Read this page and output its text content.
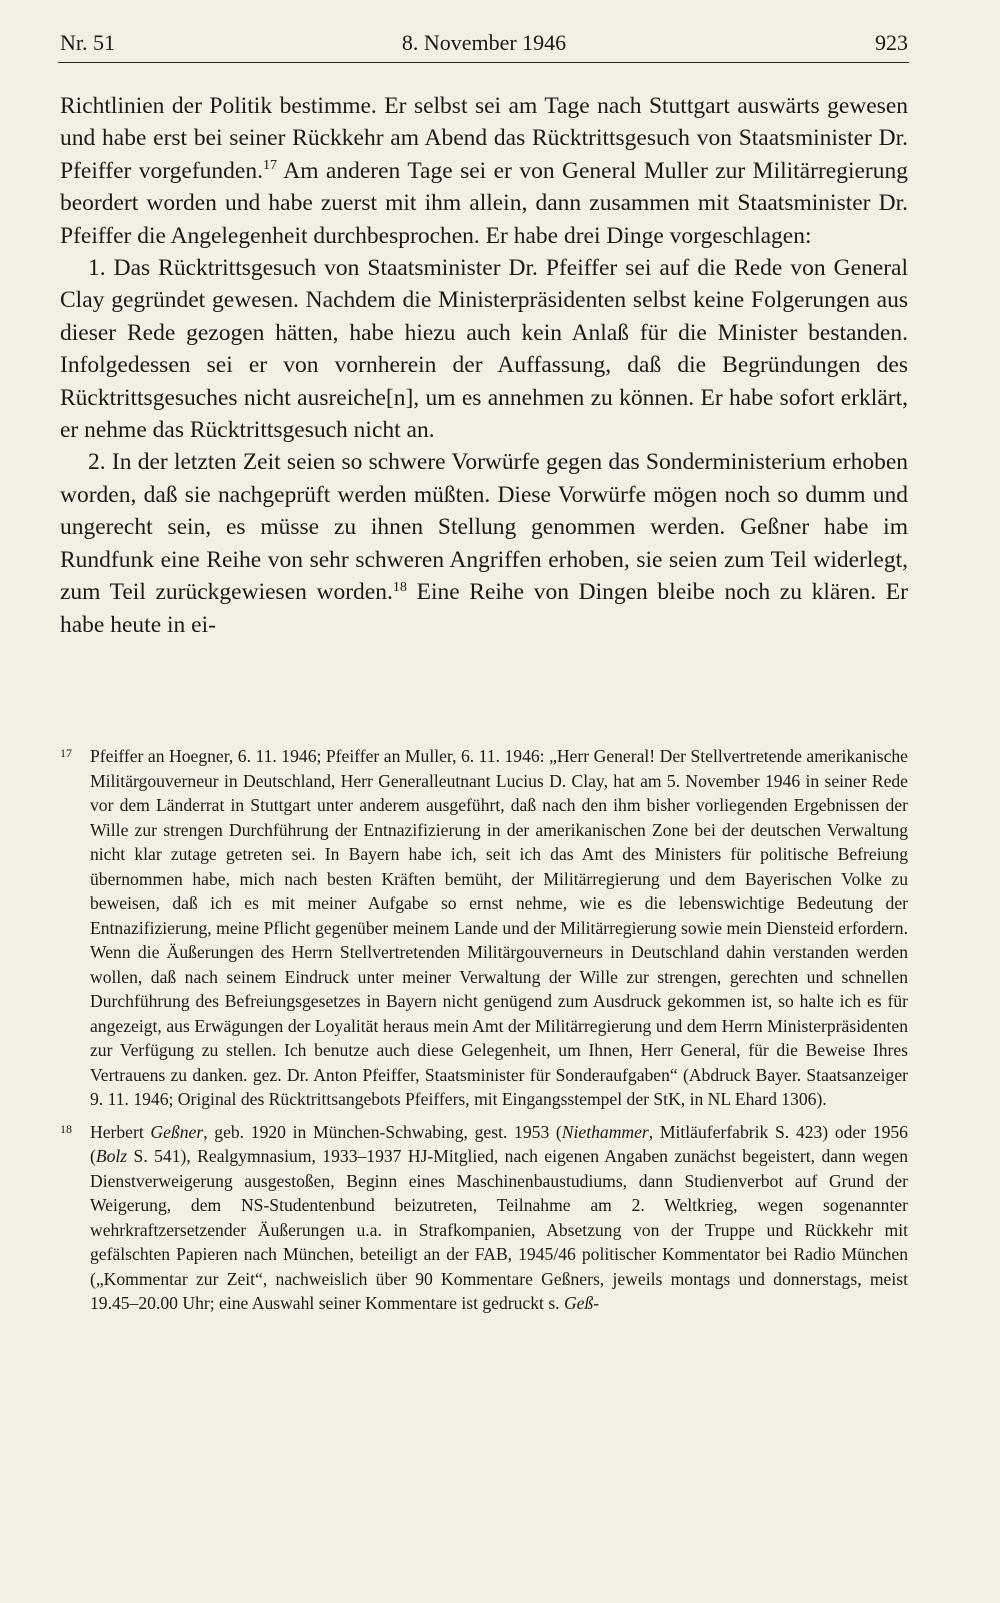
Nr. 51	8. November 1946	923

Richtlinien der Politik bestimme. Er selbst sei am Tage nach Stuttgart auswärts gewesen und habe erst bei seiner Rückkehr am Abend das Rücktrittsgesuch von Staatsminister Dr. Pfeiffer vorgefunden.$^{17}$ Am anderen Tage sei er von General Muller zur Militärregierung beordert worden und habe zuerst mit ihm allein, dann zusammen mit Staatsminister Dr. Pfeiffer die Angelegenheit durchbesprochen. Er habe drei Dinge vorgeschlagen:

1. Das Rücktrittsgesuch von Staatsminister Dr. Pfeiffer sei auf die Rede von General Clay gegründet gewesen. Nachdem die Ministerpräsidenten selbst keine Folgerungen aus dieser Rede gezogen hätten, habe hiezu auch kein Anlaß für die Minister bestanden. Infolgedessen sei er von vornherein der Auffassung, daß die Begründungen des Rücktrittsgesuches nicht ausreiche[n], um es annehmen zu können. Er habe sofort erklärt, er nehme das Rücktrittsgesuch nicht an.

2. In der letzten Zeit seien so schwere Vorwürfe gegen das Sonderministerium erhoben worden, daß sie nachgeprüft werden müßten. Diese Vorwürfe mögen noch so dumm und ungerecht sein, es müsse zu ihnen Stellung genommen werden. Geßner habe im Rundfunk eine Reihe von sehr schweren Angriffen erhoben, sie seien zum Teil widerlegt, zum Teil zurückgewiesen worden.$^{18}$ Eine Reihe von Dingen bleibe noch zu klären. Er habe heute in ei-

17 Pfeiffer an Hoegner, 6. 11. 1946; Pfeiffer an Muller, 6. 11. 1946: „Herr General! Der Stellvertretende amerikanische Militärgouverneur in Deutschland, Herr Generalleutnant Lucius D. Clay, hat am 5. November 1946 in seiner Rede vor dem Länderrat in Stuttgart unter anderem ausgeführt, daß nach den ihm bisher vorliegenden Ergebnissen der Wille zur strengen Durchführung der Entnazifizierung in der amerikanischen Zone bei der deutschen Verwaltung nicht klar zutage getreten sei. In Bayern habe ich, seit ich das Amt des Ministers für politische Befreiung übernommen habe, mich nach besten Kräften bemüht, der Militärregierung und dem Bayerischen Volke zu beweisen, daß ich es mit meiner Aufgabe so ernst nehme, wie es die lebenswichtige Bedeutung der Entnazifizierung, meine Pflicht gegenüber meinem Lande und der Militärregierung sowie mein Diensteid erfordern. Wenn die Äußerungen des Herrn Stellvertretenden Militärgouverneurs in Deutschland dahin verstanden werden wollen, daß nach seinem Eindruck unter meiner Verwaltung der Wille zur strengen, gerechten und schnellen Durchführung des Befreiungsgesetzes in Bayern nicht genügend zum Ausdruck gekommen ist, so halte ich es für angezeigt, aus Erwägungen der Loyalität heraus mein Amt der Militärregierung und dem Herrn Ministerpräsidenten zur Verfügung zu stellen. Ich benutze auch diese Gelegenheit, um Ihnen, Herr General, für die Beweise Ihres Vertrauens zu danken. gez. Dr. Anton Pfeiffer, Staatsminister für Sonderaufgaben“ (Abdruck Bayer. Staatsanzeiger 9. 11. 1946; Original des Rücktrittsangebots Pfeiffers, mit Eingangsstempel der StK, in NL Ehard 1306).
18 Herbert Geßner, geb. 1920 in München-Schwabing, gest. 1953 (Niethammer, Mitläuferfabrik S. 423) oder 1956 (Bolz S. 541), Realgymnasium, 1933–1937 HJ-Mitglied, nach eigenen Angaben zunächst begeistert, dann wegen Dienstverweigerung ausgestoßen, Beginn eines Maschinenbaustudiums, dann Studienverbot auf Grund der Weigerung, dem NS-Studentenbund beizutreten, Teilnahme am 2. Weltkrieg, wegen sogenannter wehrkraftzersetzender Äußerungen u.a. in Strafkompanien, Absetzung von der Truppe und Rückkehr mit gefälschten Papieren nach München, beteiligt an der FAB, 1945/46 politischer Kommentator bei Radio München („Kommentar zur Zeit“, nachweislich über 90 Kommentare Geßners, jeweils montags und donnerstags, meist 19.45–20.00 Uhr; eine Auswahl seiner Kommentare ist gedruckt s. Geß-
